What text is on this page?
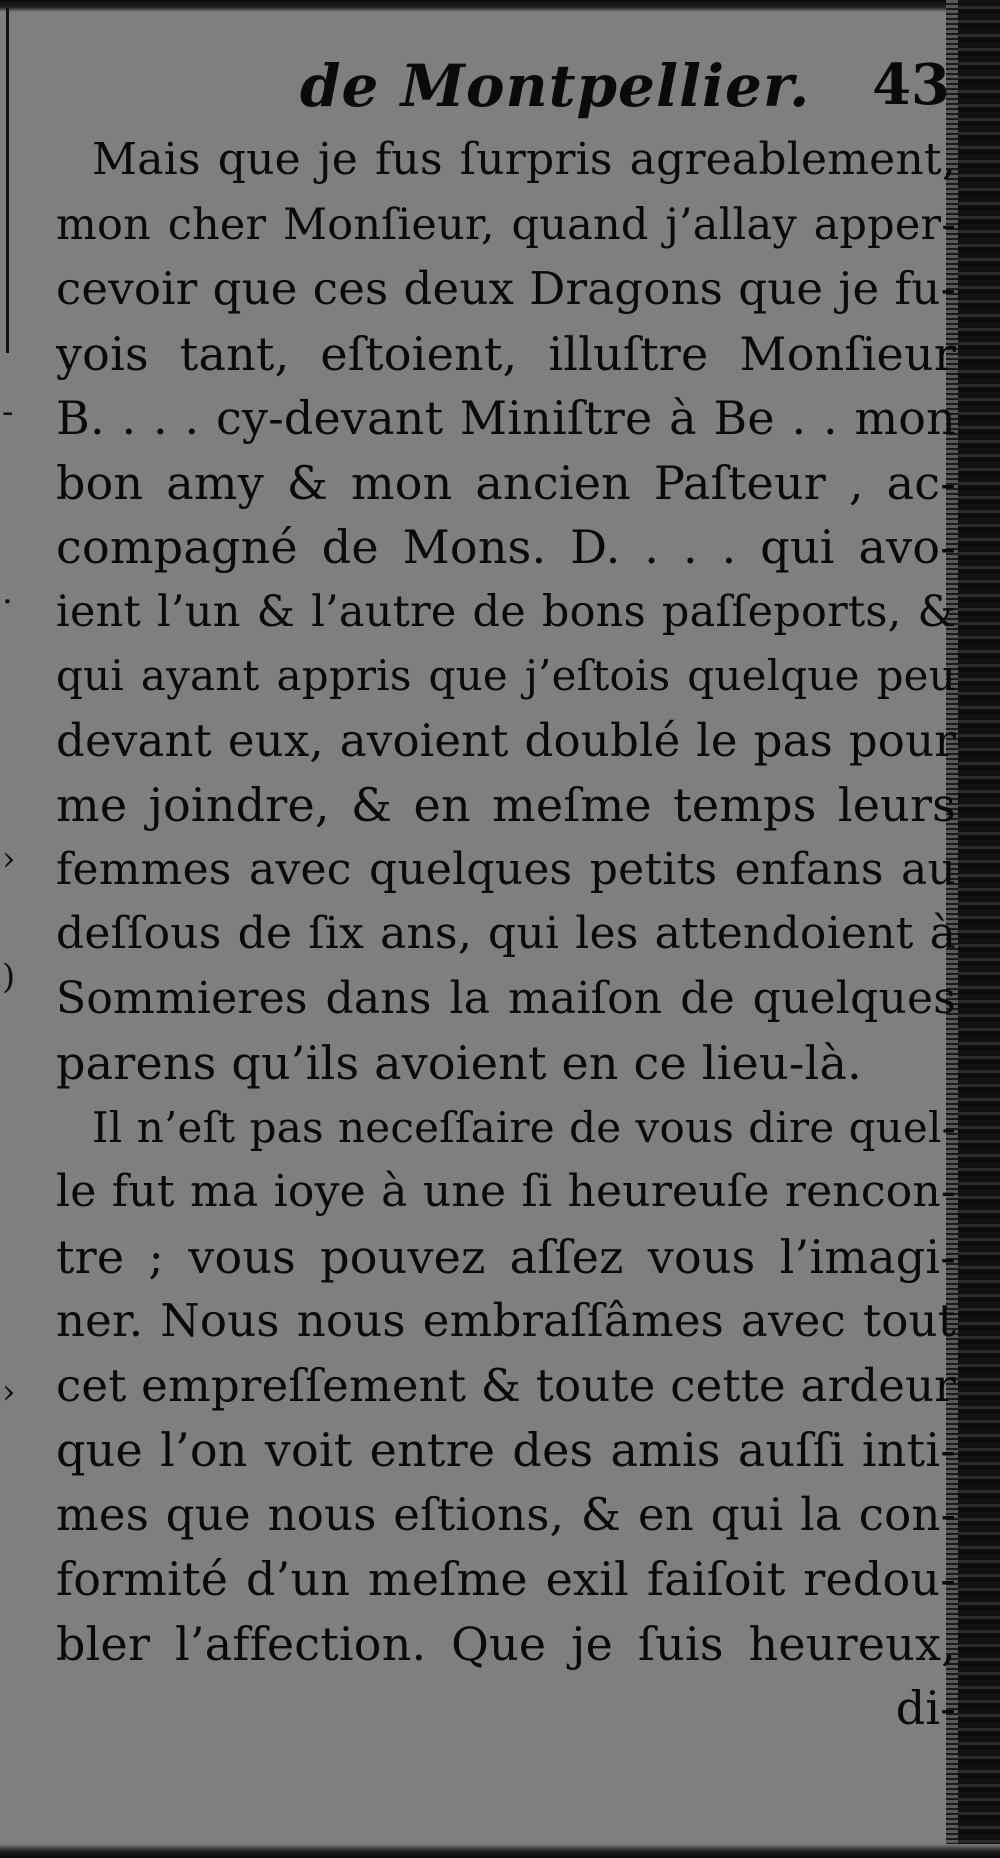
-
·
›
)
›
de Montpellier. 43
Mais que je fus ſurpris agreablement,
mon cher Monſieur, quand j’allay apper-
cevoir que ces deux Dragons que je fu-
yois tant, eſtoient, illuſtre Monſieur
B. . . . cy-devant Miniſtre à Be . . mon
bon amy & mon ancien Paſteur , ac-
compagné de Mons. D. . . . qui avo-
ient l’un & l’autre de bons paſſeports, &
qui ayant appris que j’eſtois quelque peu
devant eux, avoient doublé le pas pour
me joindre, & en meſme temps leurs
femmes avec quelques petits enfans au
deſſous de ſix ans, qui les attendoient à
Sommieres dans la maiſon de quelques
parens qu’ils avoient en ce lieu-là.
Il n’eſt pas neceſſaire de vous dire quel-
le fut ma ioye à une ſi heureuſe rencon-
tre ; vous pouvez aſſez vous l’imagi-
ner. Nous nous embraſſâmes avec tout
cet empreſſement & toute cette ardeur
que l’on voit entre des amis auſſi inti-
mes que nous eſtions, & en qui la con-
formité d’un meſme exil faiſoit redou-
bler l’affection. Que je ſuis heureux,
di-
